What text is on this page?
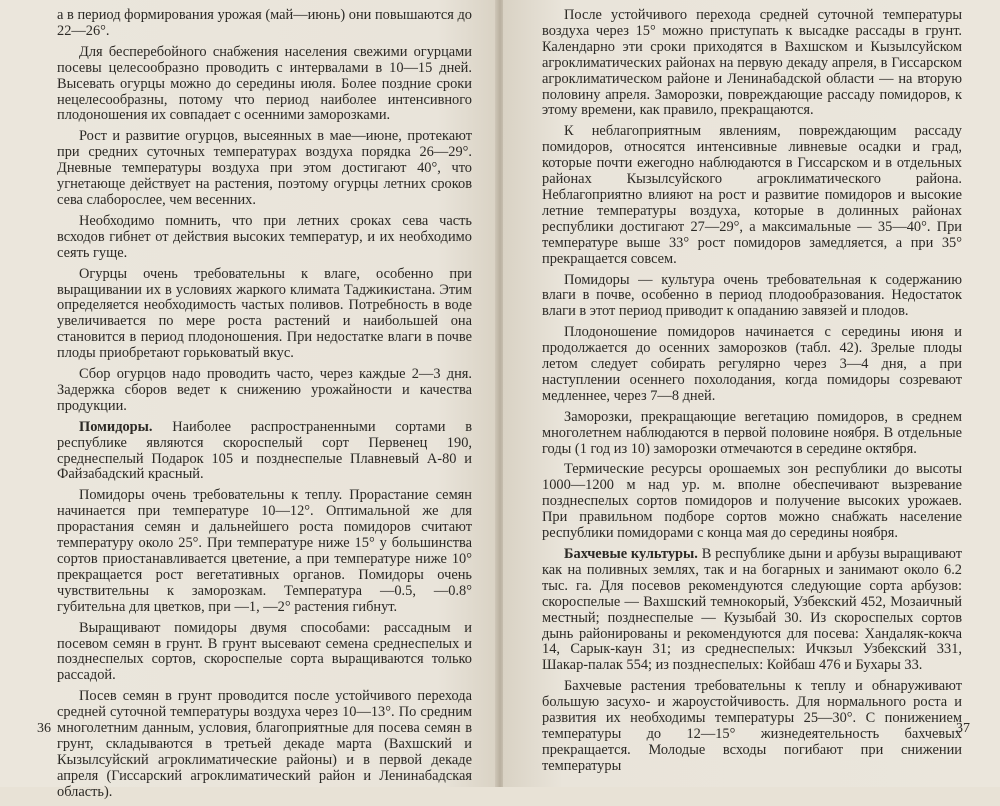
а в период формирования урожая (май—июнь) они повышаются до 22—26°.

Для бесперебойного снабжения населения свежими огурцами посевы целесообразно проводить с интервалами в 10—15 дней. Высевать огурцы можно до середины июля. Более поздние сроки нецелесообразны, потому что период наиболее интенсивного плодоношения их совпадает с осенними заморозками.

Рост и развитие огурцов, высеянных в мае—июне, протекают при средних суточных температурах воздуха порядка 26—29°. Дневные температуры воздуха при этом достигают 40°, что угнетающе действует на растения, поэтому огурцы летних сроков сева слаборослее, чем весенних.

Необходимо помнить, что при летних сроках сева часть всходов гибнет от действия высоких температур, и их необходимо сеять гуще.

Огурцы очень требовательны к влаге, особенно при выращивании их в условиях жаркого климата Таджикистана. Этим определяется необходимость частых поливов. Потребность в воде увеличивается по мере роста растений и наибольшей она становится в период плодоношения. При недостатке влаги в почве плоды приобретают горьковатый вкус.

Сбор огурцов надо проводить часто, через каждые 2—3 дня. Задержка сборов ведет к снижению урожайности и качества продукции.

Помидоры. Наиболее распространенными сортами в республике являются скороспелый сорт Первенец 190, среднеспелый Подарок 105 и позднеспелые Плавневый А-80 и Файзабадский красный.

Помидоры очень требовательны к теплу. Прорастание семян начинается при температуре 10—12°. Оптимальной же для прорастания семян и дальнейшего роста помидоров считают температуру около 25°. При температуре ниже 15° у большинства сортов приостанавливается цветение, а при температуре ниже 10° прекращается рост вегетативных органов. Помидоры очень чувствительны к заморозкам. Температура —0.5, —0.8° губительна для цветков, при —1, —2° растения гибнут.

Выращивают помидоры двумя способами: рассадным и посевом семян в грунт. В грунт высевают семена среднеспелых и позднеспелых сортов, скороспелые сорта выращиваются только рассадой.

Посев семян в грунт проводится после устойчивого перехода средней суточной температуры воздуха через 10—13°. По средним многолетним данным, условия, благоприятные для посева семян в грунт, складываются в третьей декаде марта (Вахшский и Кызылсуйский агроклиматические районы) и в первой декаде апреля (Гиссарский агроклиматический район и Ленинабадская область).

36

После устойчивого перехода средней суточной температуры воздуха через 15° можно приступать к высадке рассады в грунт. Календарно эти сроки приходятся в Вахшском и Кызылсуйском агроклиматических районах на первую декаду апреля, в Гиссарском агроклиматическом районе и Ленинабадской области — на вторую половину апреля. Заморозки, повреждающие рассаду помидоров, к этому времени, как правило, прекращаются.

К неблагоприятным явлениям, повреждающим рассаду помидоров, относятся интенсивные ливневые осадки и град, которые почти ежегодно наблюдаются в Гиссарском и в отдельных районах Кызылсуйского агроклиматического района. Неблагоприятно влияют на рост и развитие помидоров и высокие летние температуры воздуха, которые в долинных районах республики достигают 27—29°, а максимальные — 35—40°. При температуре выше 33° рост помидоров замедляется, а при 35° прекращается совсем.

Помидоры — культура очень требовательная к содержанию влаги в почве, особенно в период плодообразования. Недостаток влаги в этот период приводит к опаданию завязей и плодов.

Плодоношение помидоров начинается с середины июня и продолжается до осенних заморозков (табл. 42). Зрелые плоды летом следует собирать регулярно через 3—4 дня, а при наступлении осеннего похолодания, когда помидоры созревают медленнее, через 7—8 дней.

Заморозки, прекращающие вегетацию помидоров, в среднем многолетнем наблюдаются в первой половине ноября. В отдельные годы (1 год из 10) заморозки отмечаются в середине октября.

Термические ресурсы орошаемых зон республики до высоты 1000—1200 м над ур. м. вполне обеспечивают вызревание позднеспелых сортов помидоров и получение высоких урожаев. При правильном подборе сортов можно снабжать население республики помидорами с конца мая до середины ноября.

Бахчевые культуры. В республике дыни и арбузы выращивают как на поливных землях, так и на богарных и занимают около 6.2 тыс. га. Для посевов рекомендуются следующие сорта арбузов: скороспелые — Вахшский темнокорый, Узбекский 452, Мозаичный местный; позднеспелые — Кузыбай 30. Из скороспелых сортов дынь районированы и рекомендуются для посева: Хандаляк-кокча 14, Сарык-каун 31; из среднеспелых: Ичкзыл Узбекский 331, Шакар-палак 554; из позднеспелых: Койбаш 476 и Бухары 33.

Бахчевые растения требовательны к теплу и обнаруживают большую засухо- и жароустойчивость. Для нормального роста и развития их необходимы температуры 25—30°. С понижением температуры до 12—15° жизнедеятельность бахчевых прекращается. Молодые всходы погибают при снижении температуры

37
